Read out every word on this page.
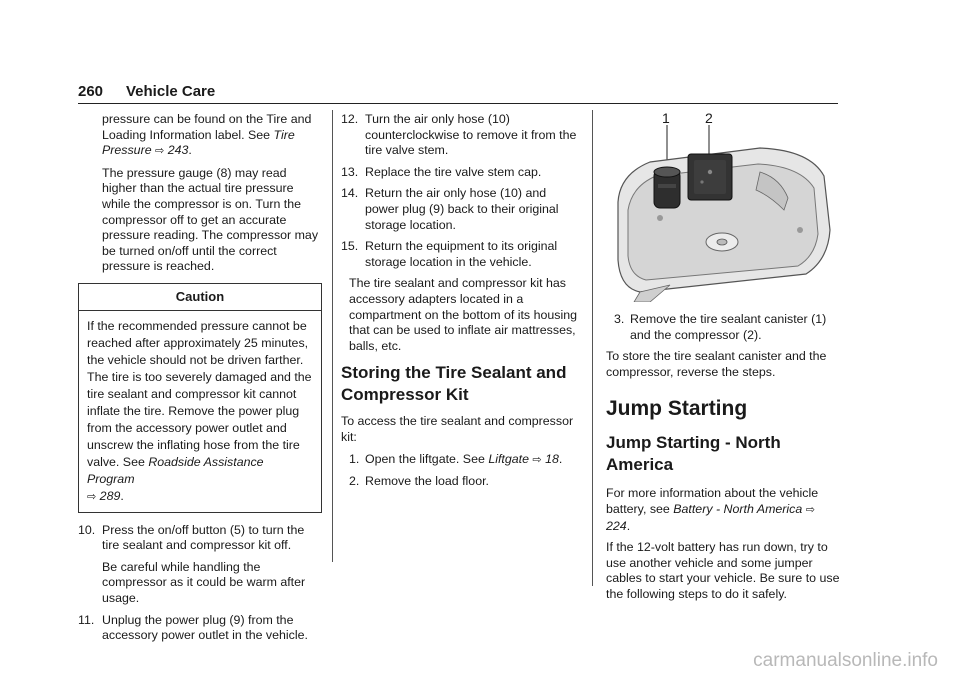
260 Vehicle Care

pressure can be found on the Tire and Loading Information label. See Tire Pressure ⇨ 243.

The pressure gauge (8) may read higher than the actual tire pressure while the compressor is on. Turn the compressor off to get an accurate pressure reading. The compressor may be turned on/off until the correct pressure is reached.

Caution
If the recommended pressure cannot be reached after approximately 25 minutes, the vehicle should not be driven farther. The tire is too severely damaged and the tire sealant and compressor kit cannot inflate the tire. Remove the power plug from the accessory power outlet and unscrew the inflating hose from the tire valve. See Roadside Assistance Program
⇨ 289.
10. Press the on/off button (5) to turn the tire sealant and compressor kit off.

Be careful while handling the compressor as it could be warm after usage.

11. Unplug the power plug (9) from the accessory power outlet in the vehicle.
12. Turn the air only hose (10) counterclockwise to remove it from the tire valve stem.
13. Replace the tire valve stem cap.
14. Return the air only hose (10) and power plug (9) back to their original storage location.
15. Return the equipment to its original storage location in the vehicle.

The tire sealant and compressor kit has accessory adapters located in a compartment on the bottom of its housing that can be used to inflate air mattresses, balls, etc.

Storing the Tire Sealant and Compressor Kit

To access the tire sealant and compressor kit:

1. Open the liftgate. See Liftgate ⇨ 18.
2. Remove the load floor.
1	2
3. Remove the tire sealant canister (1) and the compressor (2).

To store the tire sealant canister and the compressor, reverse the steps.

Jump Starting
Jump Starting - North America

For more information about the vehicle battery, see Battery - North America ⇨ 224.

If the 12-volt battery has run down, try to use another vehicle and some jumper cables to start your vehicle. Be sure to use the following steps to do it safely.

carmanualsonline.info
